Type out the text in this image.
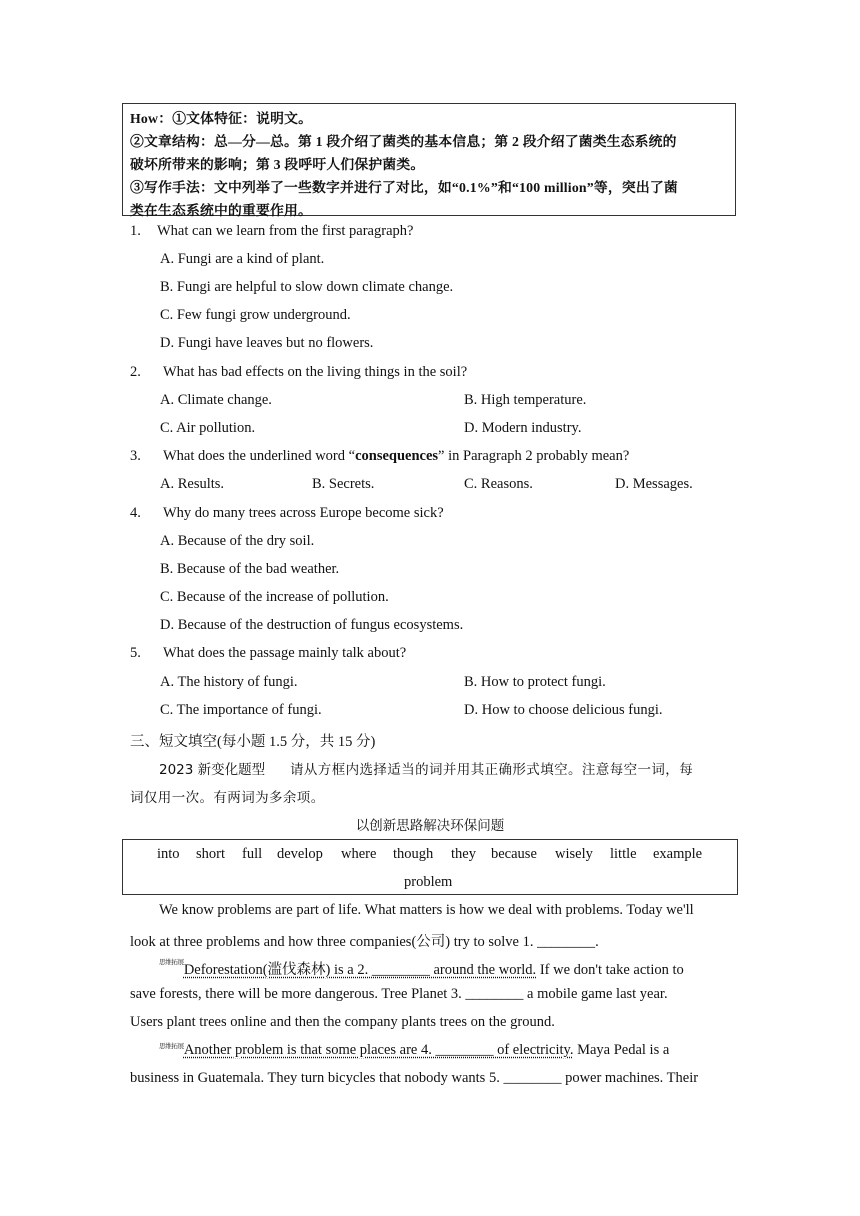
How：①文体特征：说明文。
②文章结构：总—分—总。第 1 段介绍了菌类的基本信息；第 2 段介绍了菌类生态系统的
破坏所带来的影响；第 3 段呼吁人们保护菌类。
③写作手法：文中列举了一些数字并进行了对比，如“0.1%”和“100 million”等，突出了菌
类在生态系统中的重要作用。
1. What can we learn from the first paragraph?
A. Fungi are a kind of plant.
B. Fungi are helpful to slow down climate change.
C. Few fungi grow underground.
D. Fungi have leaves but no flowers.
2. What has bad effects on the living things in the soil?
A. Climate change.	B. High temperature.
C. Air pollution.	D. Modern industry.
3. What does the underlined word “consequences” in Paragraph 2 probably mean?
A. Results.	B. Secrets.	C. Reasons.	D. Messages.
4. Why do many trees across Europe become sick?
A. Because of the dry soil.
B. Because of the bad weather.
C. Because of the increase of pollution.
D. Because of the destruction of fungus ecosystems.
5. What does the passage mainly talk about?
A. The history of fungi.	B. How to protect fungi.
C. The importance of fungi.	D. How to choose delicious fungi.
三、短文填空(每小题 1.5 分，共 15 分)
2023 新变化题型 请从方框内选择适当的词并用其正确形式填空。注意每空一词，每
词仅用一次。有两词为多余项。
以创新思路解决环保问题
into short full develop where though they because wisely little example
problem
We know problems are part of life. What matters is how we deal with problems. Today we'll
look at three problems and how three companies(公司) try to solve 1. ________.
$^{思维拓展}$Deforestation(滥伐森林) is a 2. ________ around the world. If we don't take action to
save forests, there will be more dangerous. Tree Planet 3. ________ a mobile game last year.
Users plant trees online and then the company plants trees on the ground.
$^{思维拓展}$Another problem is that some places are 4. ________ of electricity. Maya Pedal is a
business in Guatemala. They turn bicycles that nobody wants 5. ________ power machines. Their
